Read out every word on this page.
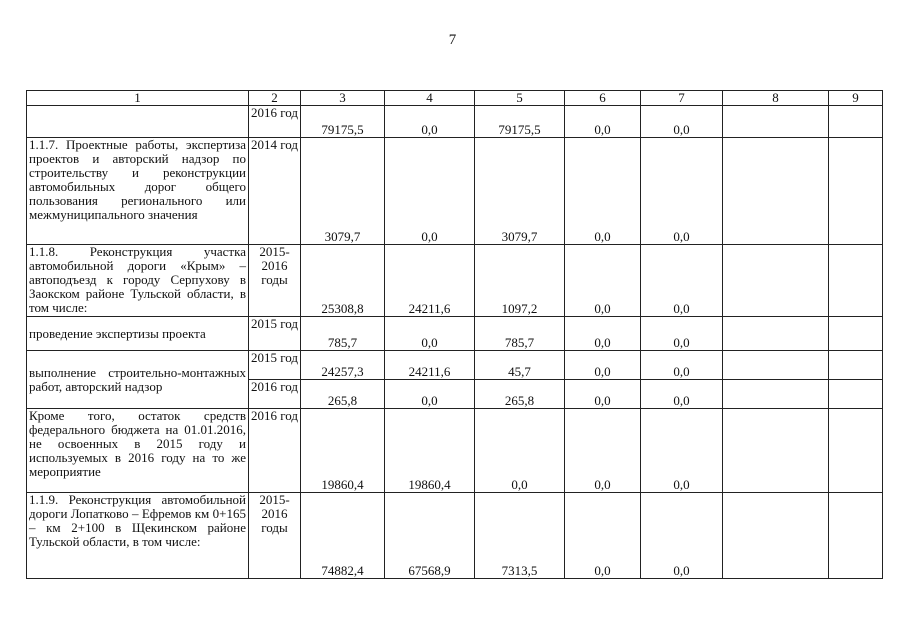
7
1	2	3	4	5	6	7	8	9
	2016 год	79175,5	0,0	79175,5	0,0	0,0		
1.1.7. Проектные работы, экспертиза проектов и авторский надзор по строительству и реконструкции автомобильных дорог общего пользования регионального или межмуниципального значения	2014 год	3079,7	0,0	3079,7	0,0	0,0		
1.1.8. Реконструкция участка автомобильной дороги «Крым» – автоподъезд к городу Серпухову в Заокском районе Тульской области, в том числе:	2015-2016 годы	25308,8	24211,6	1097,2	0,0	0,0		
проведение экспертизы проекта	2015 год	785,7	0,0	785,7	0,0	0,0		
выполнение строительно-монтажных работ, авторский надзор	2015 год	24257,3	24211,6	45,7	0,0	0,0		
	2016 год	265,8	0,0	265,8	0,0	0,0		
Кроме того, остаток средств федерального бюджета на 01.01.2016, не освоенных в 2015 году и используемых в 2016 году на то же мероприятие	2016 год	19860,4	19860,4	0,0	0,0	0,0		
1.1.9. Реконструкция автомобильной дороги Лопатково – Ефремов км 0+165 – км 2+100 в Щекинском районе Тульской области, в том числе:	2015-2016 годы	74882,4	67568,9	7313,5	0,0	0,0		
